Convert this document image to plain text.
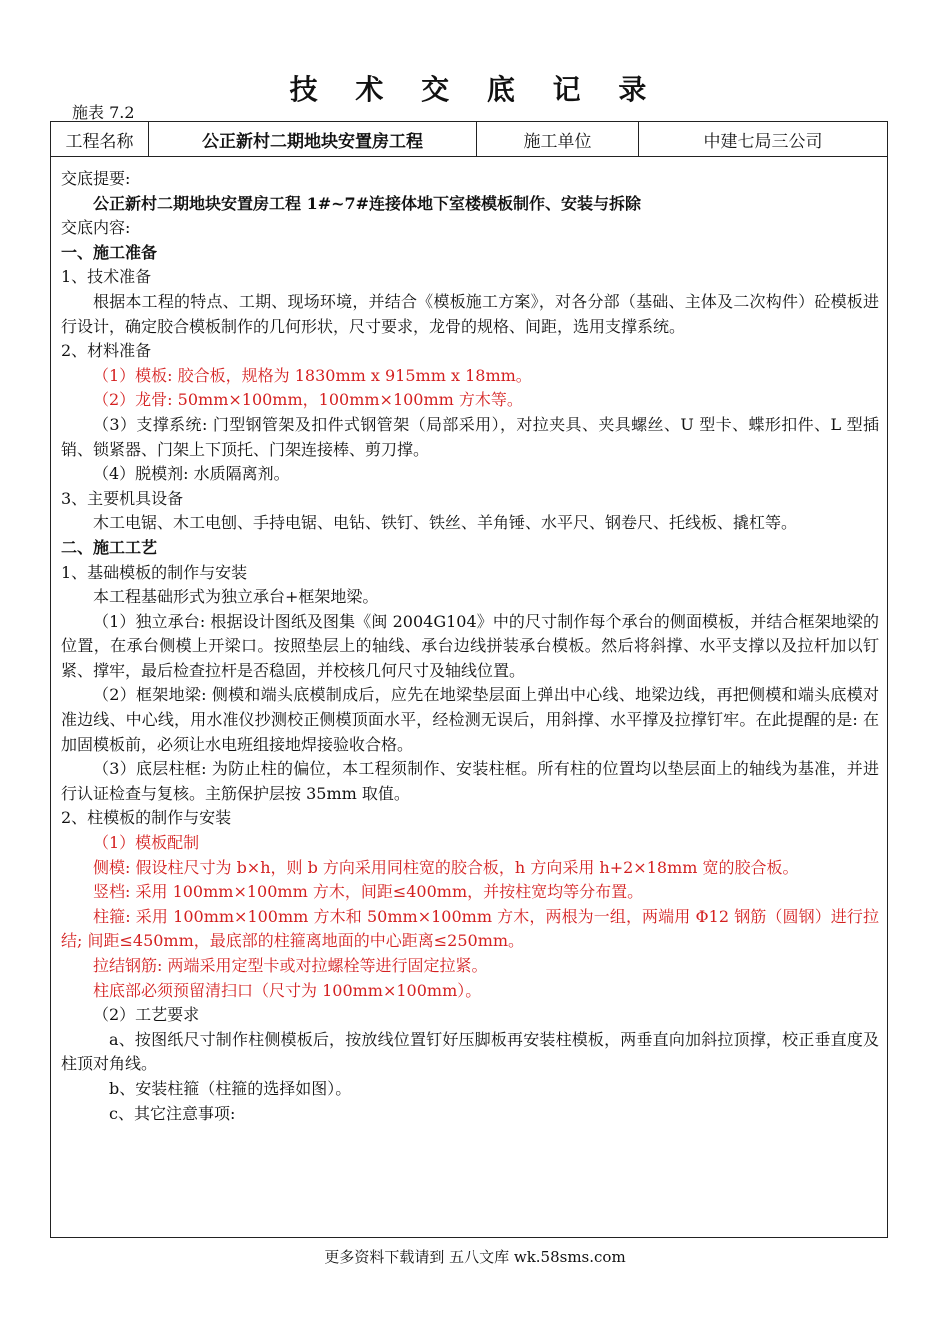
技 术 交 底 记 录
施表 7.2
工程名称	公正新村二期地块安置房工程	施工单位	中建七局三公司

交底提要:

公正新村二期地块安置房工程 1#~7#连接体地下室楼模板制作、安装与拆除

交底内容:

一、施工准备

1、技术准备

根据本工程的特点、工期、现场环境，并结合《模板施工方案》，对各分部（基础、主体及二次构件）砼模板进行设计，确定胶合模板制作的几何形状，尺寸要求，龙骨的规格、间距，选用支撑系统。

2、材料准备

（1）模板: 胶合板，规格为 1830mm x 915mm x 18mm。

（2）龙骨: 50mm×100mm，100mm×100mm 方木等。

（3）支撑系统: 门型钢管架及扣件式钢管架（局部采用），对拉夹具、夹具螺丝、U 型卡、蝶形扣件、L 型插销、锁紧器、门架上下顶托、门架连接棒、剪刀撑。

（4）脱模剂: 水质隔离剂。

3、主要机具设备

木工电锯、木工电刨、手持电锯、电钻、铁钉、铁丝、羊角锤、水平尺、钢卷尺、托线板、撬杠等。

二、施工工艺

1、基础模板的制作与安装

本工程基础形式为独立承台+框架地梁。

（1）独立承台: 根据设计图纸及图集《闽 2004G104》中的尺寸制作每个承台的侧面模板，并结合框架地梁的位置，在承台侧模上开梁口。按照垫层上的轴线、承台边线拼装承台模板。然后将斜撑、水平支撑以及拉杆加以钉紧、撑牢，最后检查拉杆是否稳固，并校核几何尺寸及轴线位置。

（2）框架地梁: 侧模和端头底模制成后，应先在地梁垫层面上弹出中心线、地梁边线，再把侧模和端头底模对准边线、中心线，用水准仪抄测校正侧模顶面水平，经检测无误后，用斜撑、水平撑及拉撑钉牢。在此提醒的是: 在加固模板前，必须让水电班组接地焊接验收合格。

（3）底层柱框: 为防止柱的偏位，本工程须制作、安装柱框。所有柱的位置均以垫层面上的轴线为基准，并进行认证检查与复核。主筋保护层按 35mm 取值。

2、柱模板的制作与安装

（1）模板配制

侧模: 假设柱尺寸为 b×h，则 b 方向采用同柱宽的胶合板，h 方向采用 h+2×18mm 宽的胶合板。

竖档: 采用 100mm×100mm 方木，间距≤400mm，并按柱宽均等分布置。

柱箍: 采用 100mm×100mm 方木和 50mm×100mm 方木，两根为一组，两端用 Φ12 钢筋（圆钢）进行拉结; 间距≤450mm，最底部的柱箍离地面的中心距离≤250mm。

拉结钢筋: 两端采用定型卡或对拉螺栓等进行固定拉紧。

柱底部必须预留清扫口（尺寸为 100mm×100mm）。

（2）工艺要求

a、按图纸尺寸制作柱侧模板后，按放线位置钉好压脚板再安装柱模板，两垂直向加斜拉顶撑，校正垂直度及柱顶对角线。

b、安装柱箍（柱箍的选择如图）。

c、其它注意事项:

更多资料下载请到 五八文库 wk.58sms.com
